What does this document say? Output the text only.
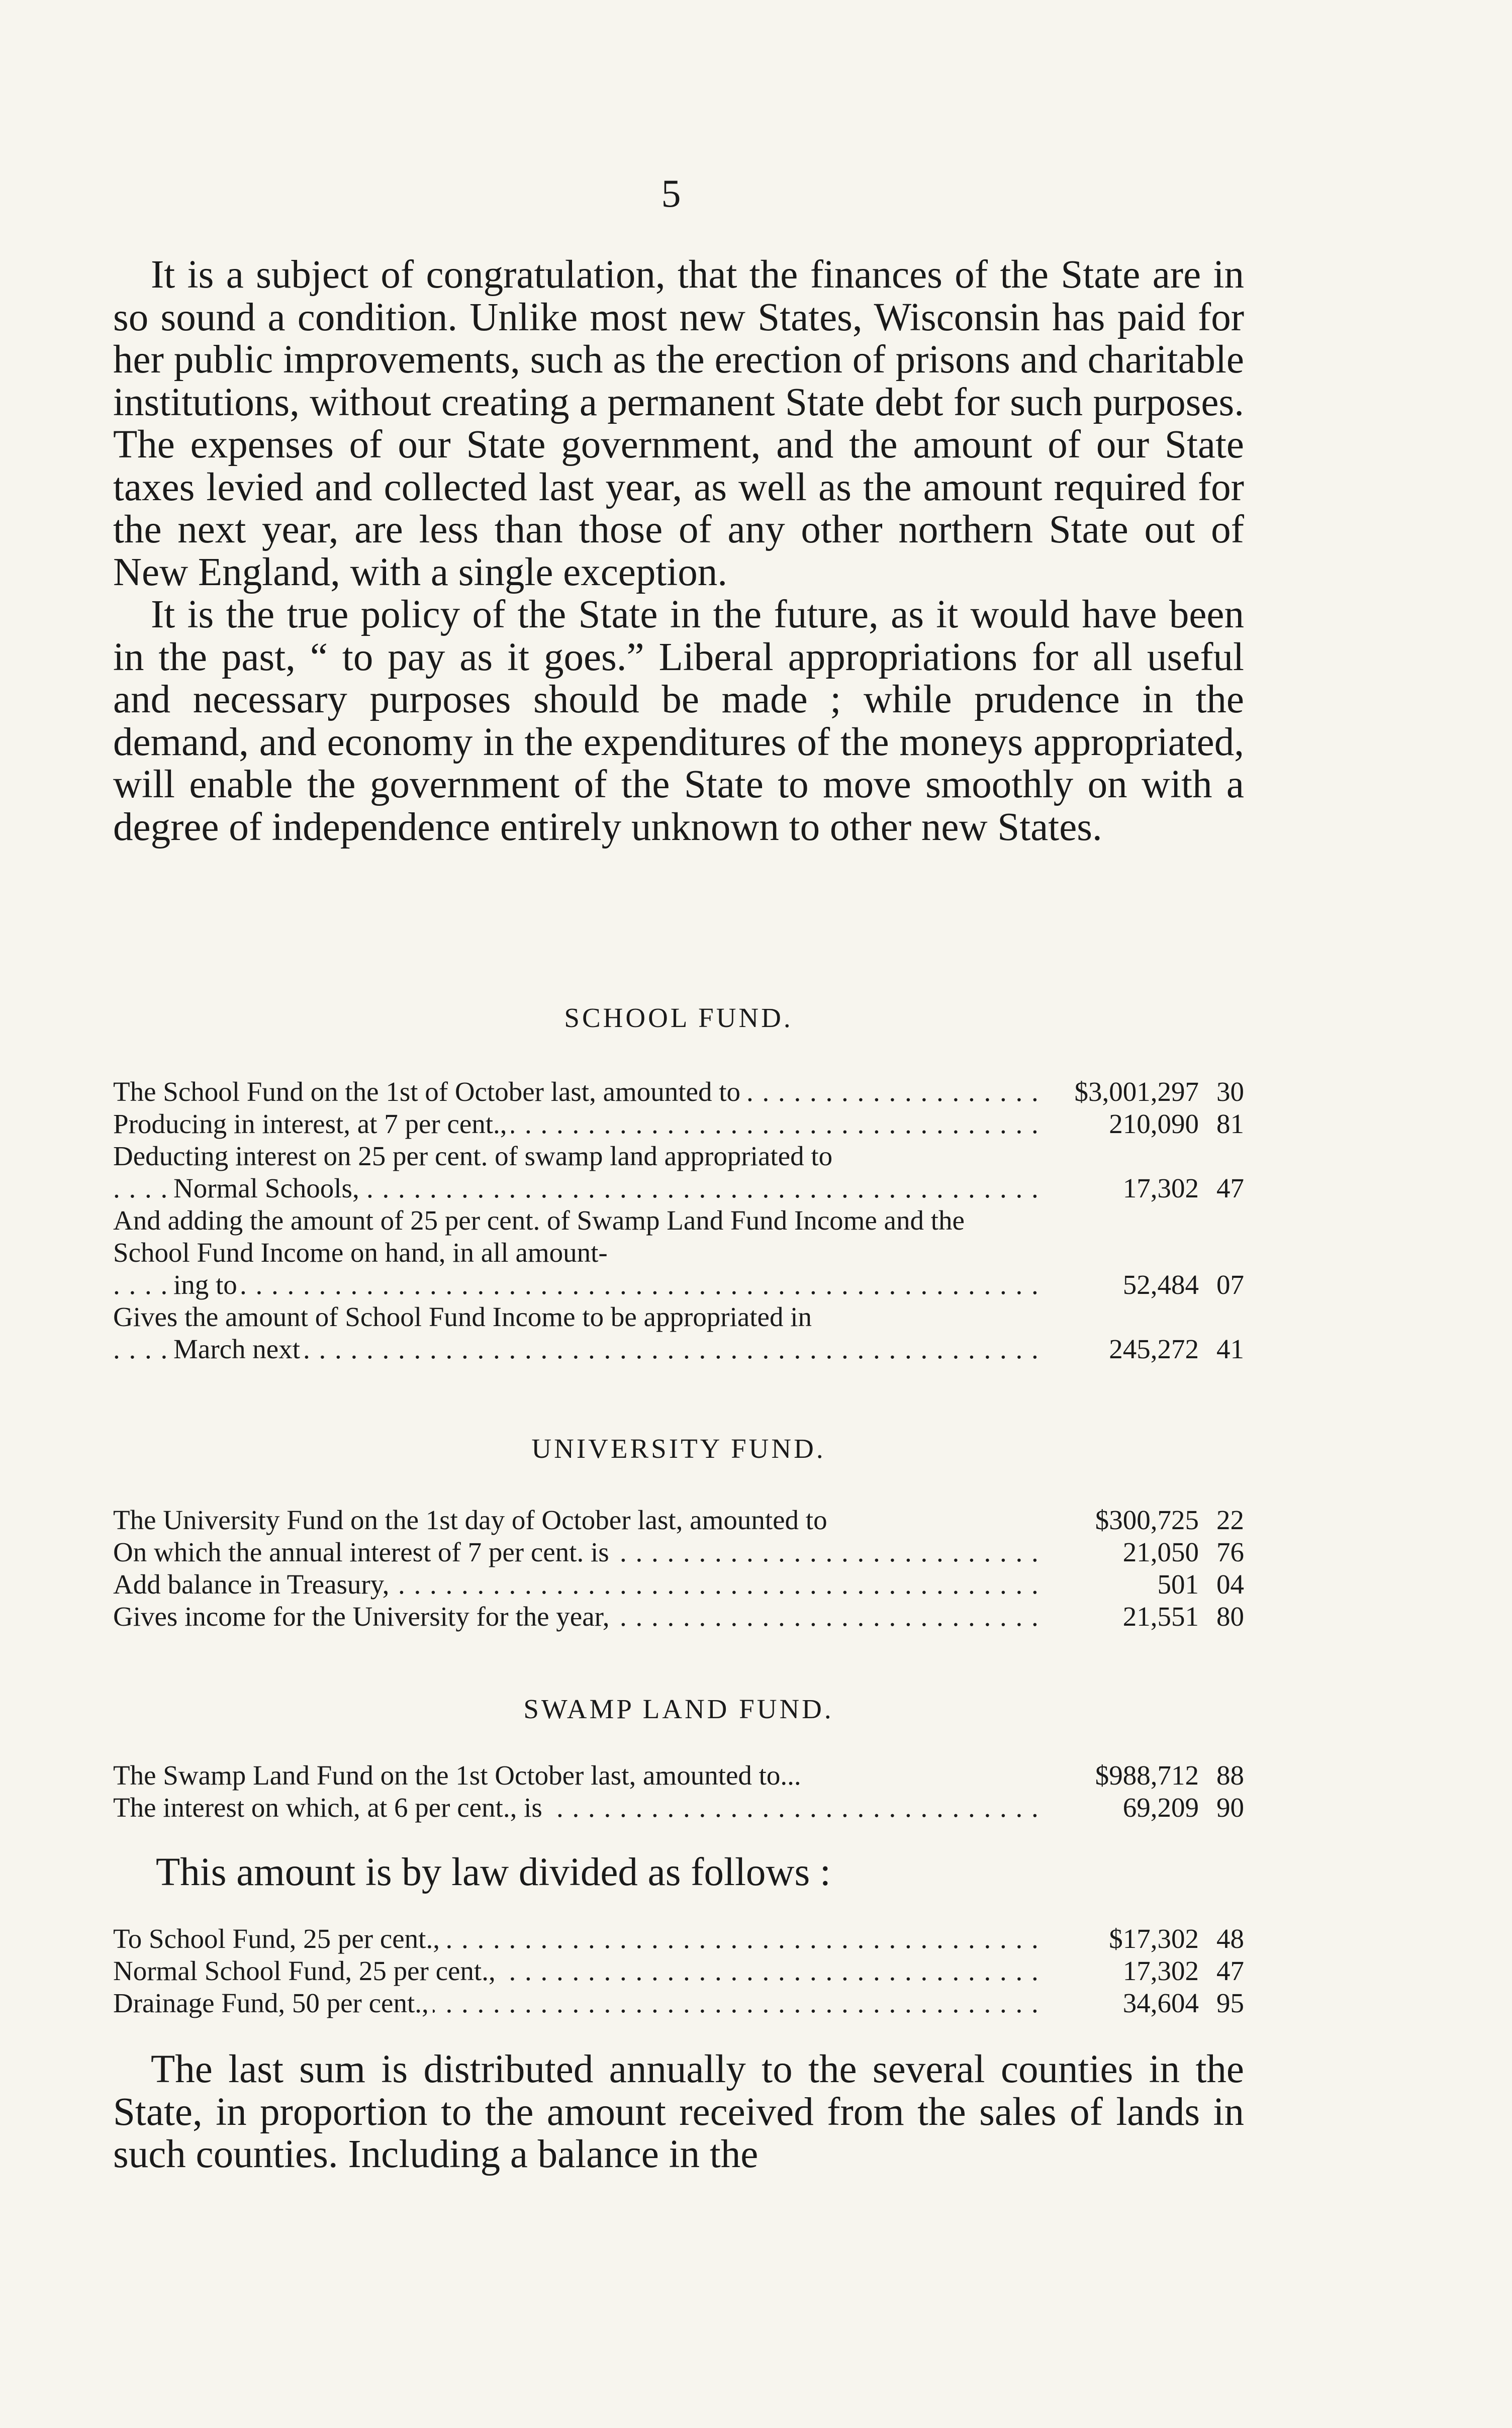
5

It is a subject of congratulation, that the finances of the State are in so sound a condition. Unlike most new States, Wisconsin has paid for her public improvements, such as the erection of prisons and charitable institutions, without creating a permanent State debt for such purposes. The expenses of our State government, and the amount of our State taxes levied and collected last year, as well as the amount required for the next year, are less than those of any other northern State out of New England, with a single exception.

It is the true policy of the State in the future, as it would have been in the past, “ to pay as it goes.” Liberal appropriations for all useful and necessary purposes should be made ; while prudence in the demand, and economy in the expenditures of the moneys appropriated, will enable the government of the State to move smoothly on with a degree of independence entirely unknown to other new States.

SCHOOL FUND.
The School Fund on the 1st of October last, amounted to . . .	$3,001,297 30
Producing in interest, at 7 per cent., . . .	210,090 81
Deducting interest on 25 per cent. of swamp land appropriated to
Normal Schools, . . .	17,302 47
And adding the amount of 25 per cent. of Swamp Land Fund Income and the School Fund Income on hand, in all amount-
ing to . . .	52,484 07
Gives the amount of School Fund Income to be appropriated in
March next . . .	245,272 41
UNIVERSITY FUND.
The University Fund on the 1st day of October last, amounted to	$300,725 22
On which the annual interest of 7 per cent. is . . .	21,050 76
Add balance in Treasury, . . .	501 04
Gives income for the University for the year, . . .	21,551 80
SWAMP LAND FUND.
The Swamp Land Fund on the 1st October last, amounted to...	$988,712 88
The interest on which, at 6 per cent., is . . .	69,209 90
This amount is by law divided as follows :
To School Fund, 25 per cent., . . .	$17,302 48
Normal School Fund, 25 per cent., . . .	17,302 47
Drainage Fund, 50 per cent., . . .	34,604 95

The last sum is distributed annually to the several counties in the State, in proportion to the amount received from the sales of lands in such counties. Including a balance in the
